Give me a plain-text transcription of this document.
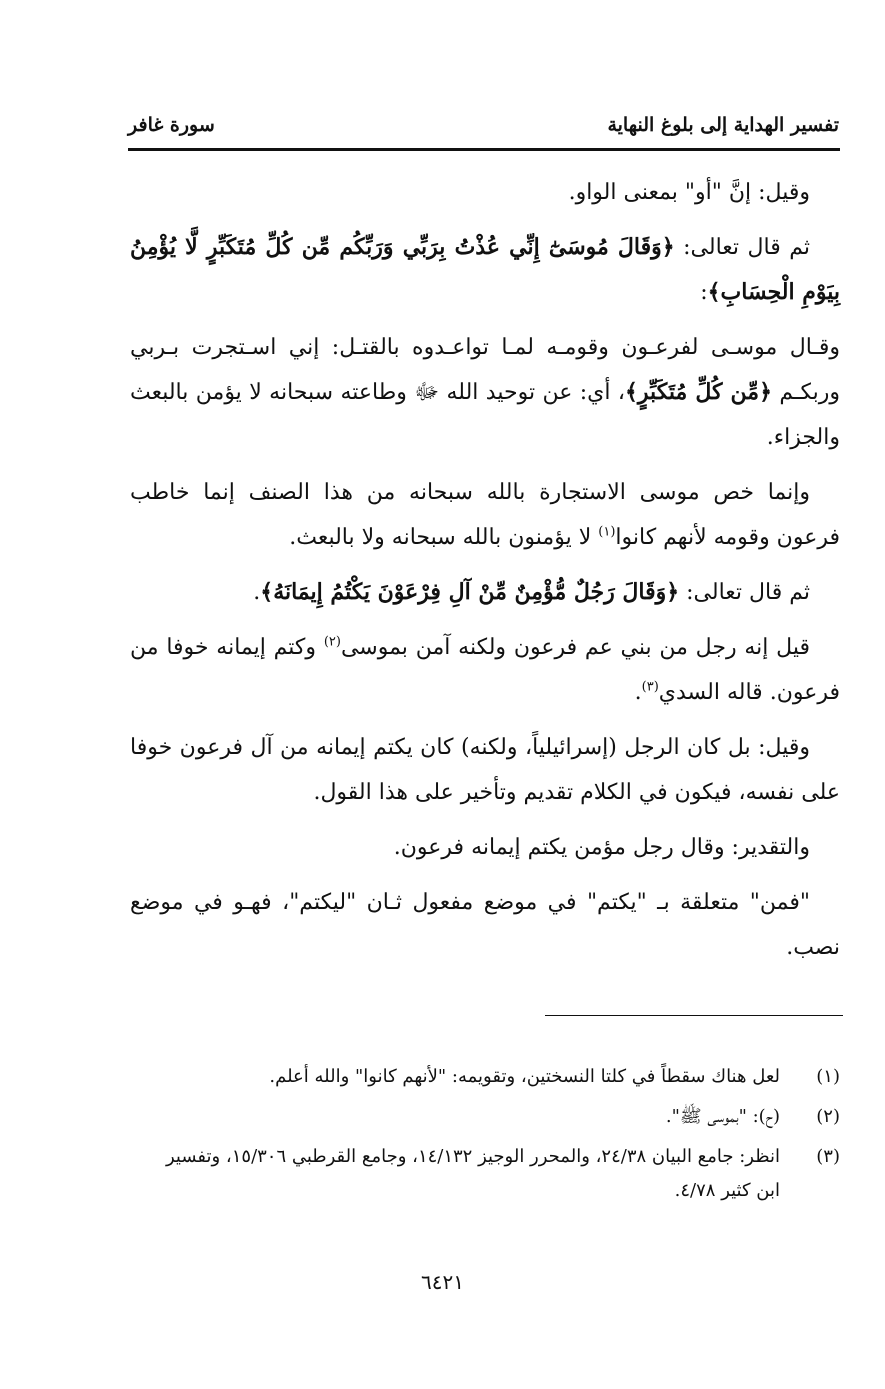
تفسير الهداية إلى بلوغ النهاية
سورة غافر

وقيل: إنَّ "أو" بمعنى الواو.

ثم قال تعالى: ﴿وَقَالَ مُوسَىٰٓ إِنِّي عُذْتُ بِرَبِّي وَرَبِّكُم مِّن كُلِّ مُتَكَبِّرٍ لَّا يُؤْمِنُ بِيَوْمِ الْحِسَابِ﴾:

وقـال موسـى لفرعـون وقومـه لمـا تواعـدوه بالقتـل: إني اسـتجرت بـربي وربكـم ﴿مِّن كُلِّ مُتَكَبِّرٍ﴾، أي: عن توحيد الله ﷻ وطاعته سبحانه لا يؤمن بالبعث والجزاء.

وإنما خص موسى الاستجارة بالله سبحانه من هذا الصنف إنما خاطب فرعون وقومه لأنهم كانوا$^{(١)}$ لا يؤمنون بالله سبحانه ولا بالبعث.

ثم قال تعالى: ﴿وَقَالَ رَجُلٌ مُّؤْمِنٌ مِّنْ آلِ فِرْعَوْنَ يَكْتُمُ إِيمَانَهُ﴾.

قيل إنه رجل من بني عم فرعون ولكنه آمن بموسى$^{(٢)}$ وكتم إيمانه خوفا من فرعون. قاله السدي$^{(٣)}$.

وقيل: بل كان الرجل (إسرائيلياً، ولكنه) كان يكتم إيمانه من آل فرعون خوفا على نفسه، فيكون في الكلام تقديم وتأخير على هذا القول.

والتقدير: وقال رجل مؤمن يكتم إيمانه فرعون.

"فمن" متعلقة بـ "يكتم" في موضع مفعول ثـان "ليكتم"، فهـو في موضع نصب.

(١)
لعل هناك سقطاً في كلتا النسختين، وتقويمه: "لأنهم كانوا" والله أعلم.
(٢)
(ح): "بموسى ﷺ".
(٣)
انظر: جامع البيان ٢٤/٣٨، والمحرر الوجيز ١٤/١٣٢، وجامع القرطبي ١٥/٣٠٦، وتفسير ابن كثير ٤/٧٨.
٦٤٢١
